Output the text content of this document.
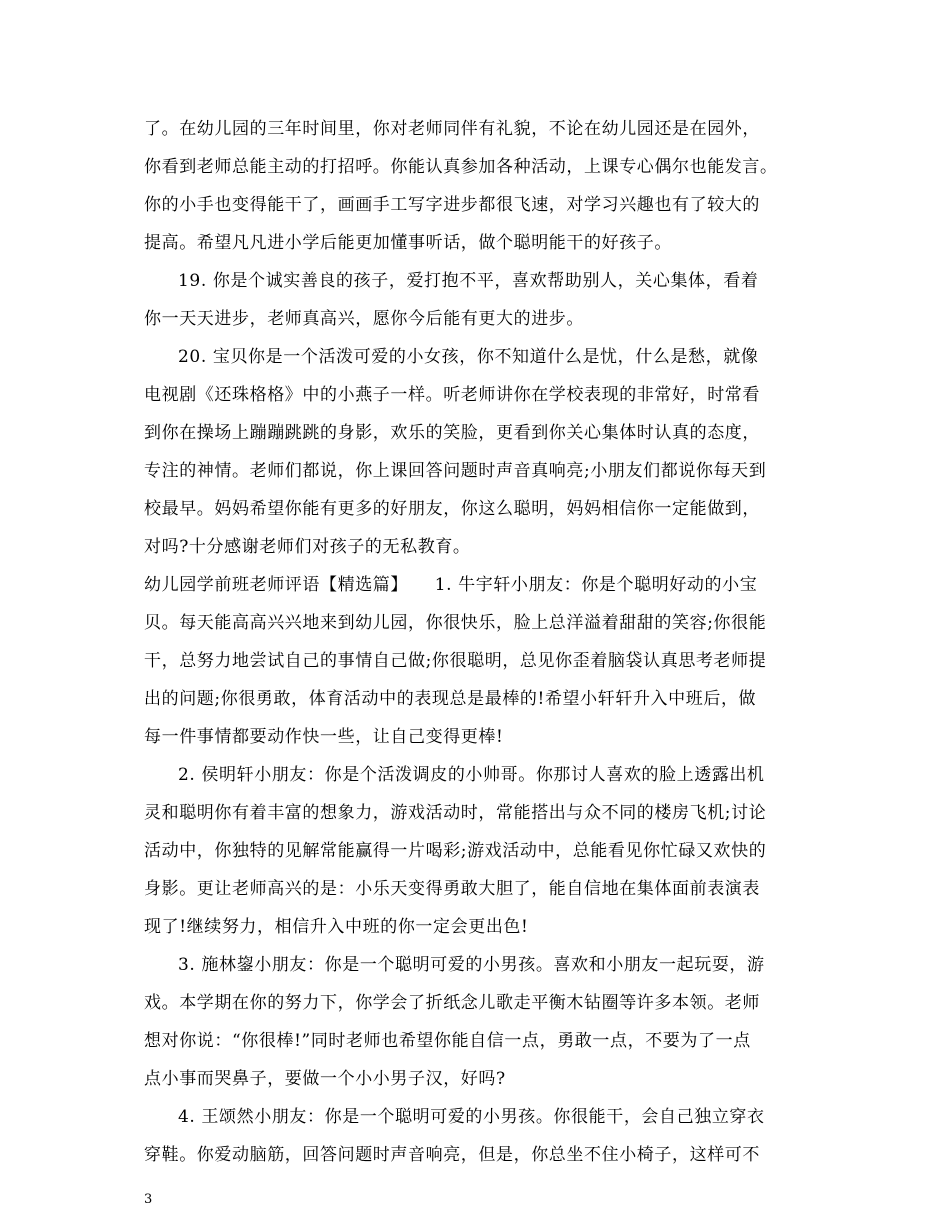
了。在幼儿园的三年时间里，你对老师同伴有礼貌，不论在幼儿园还是在园外，
你看到老师总能主动的打招呼。你能认真参加各种活动，上课专心偶尔也能发言。
你的小手也变得能干了，画画手工写字进步都很飞速，对学习兴趣也有了较大的
提高。希望凡凡进小学后能更加懂事听话，做个聪明能干的好孩子。
19. 你是个诚实善良的孩子，爱打抱不平，喜欢帮助别人，关心集体，看着
你一天天进步，老师真高兴，愿你今后能有更大的进步。
20. 宝贝你是一个活泼可爱的小女孩，你不知道什么是忧，什么是愁，就像
电视剧《还珠格格》中的小燕子一样。听老师讲你在学校表现的非常好，时常看
到你在操场上蹦蹦跳跳的身影，欢乐的笑脸，更看到你关心集体时认真的态度，
专注的神情。老师们都说，你上课回答问题时声音真响亮;小朋友们都说你每天到
校最早。妈妈希望你能有更多的好朋友，你这么聪明，妈妈相信你一定能做到，
对吗?十分感谢老师们对孩子的无私教育。
幼儿园学前班老师评语【精选篇】　　1. 牛宇轩小朋友：你是个聪明好动的小宝
贝。每天能高高兴兴地来到幼儿园，你很快乐，脸上总洋溢着甜甜的笑容;你很能
干，总努力地尝试自己的事情自己做;你很聪明，总见你歪着脑袋认真思考老师提
出的问题;你很勇敢，体育活动中的表现总是最棒的!希望小轩轩升入中班后，做
每一件事情都要动作快一些，让自己变得更棒!
2. 侯明轩小朋友：你是个活泼调皮的小帅哥。你那讨人喜欢的脸上透露出机
灵和聪明你有着丰富的想象力，游戏活动时，常能搭出与众不同的楼房飞机;讨论
活动中，你独特的见解常能赢得一片喝彩;游戏活动中，总能看见你忙碌又欢快的
身影。更让老师高兴的是：小乐天变得勇敢大胆了，能自信地在集体面前表演表
现了!继续努力，相信升入中班的你一定会更出色!
3. 施林鋆小朋友：你是一个聪明可爱的小男孩。喜欢和小朋友一起玩耍，游
戏。本学期在你的努力下，你学会了折纸念儿歌走平衡木钻圈等许多本领。老师
想对你说：“你很棒!”同时老师也希望你能自信一点，勇敢一点，不要为了一点
点小事而哭鼻子，要做一个小小男子汉，好吗?
4. 王颂然小朋友：你是一个聪明可爱的小男孩。你很能干，会自己独立穿衣
穿鞋。你爱动脑筋，回答问题时声音响亮，但是，你总坐不住小椅子，这样可不
3
